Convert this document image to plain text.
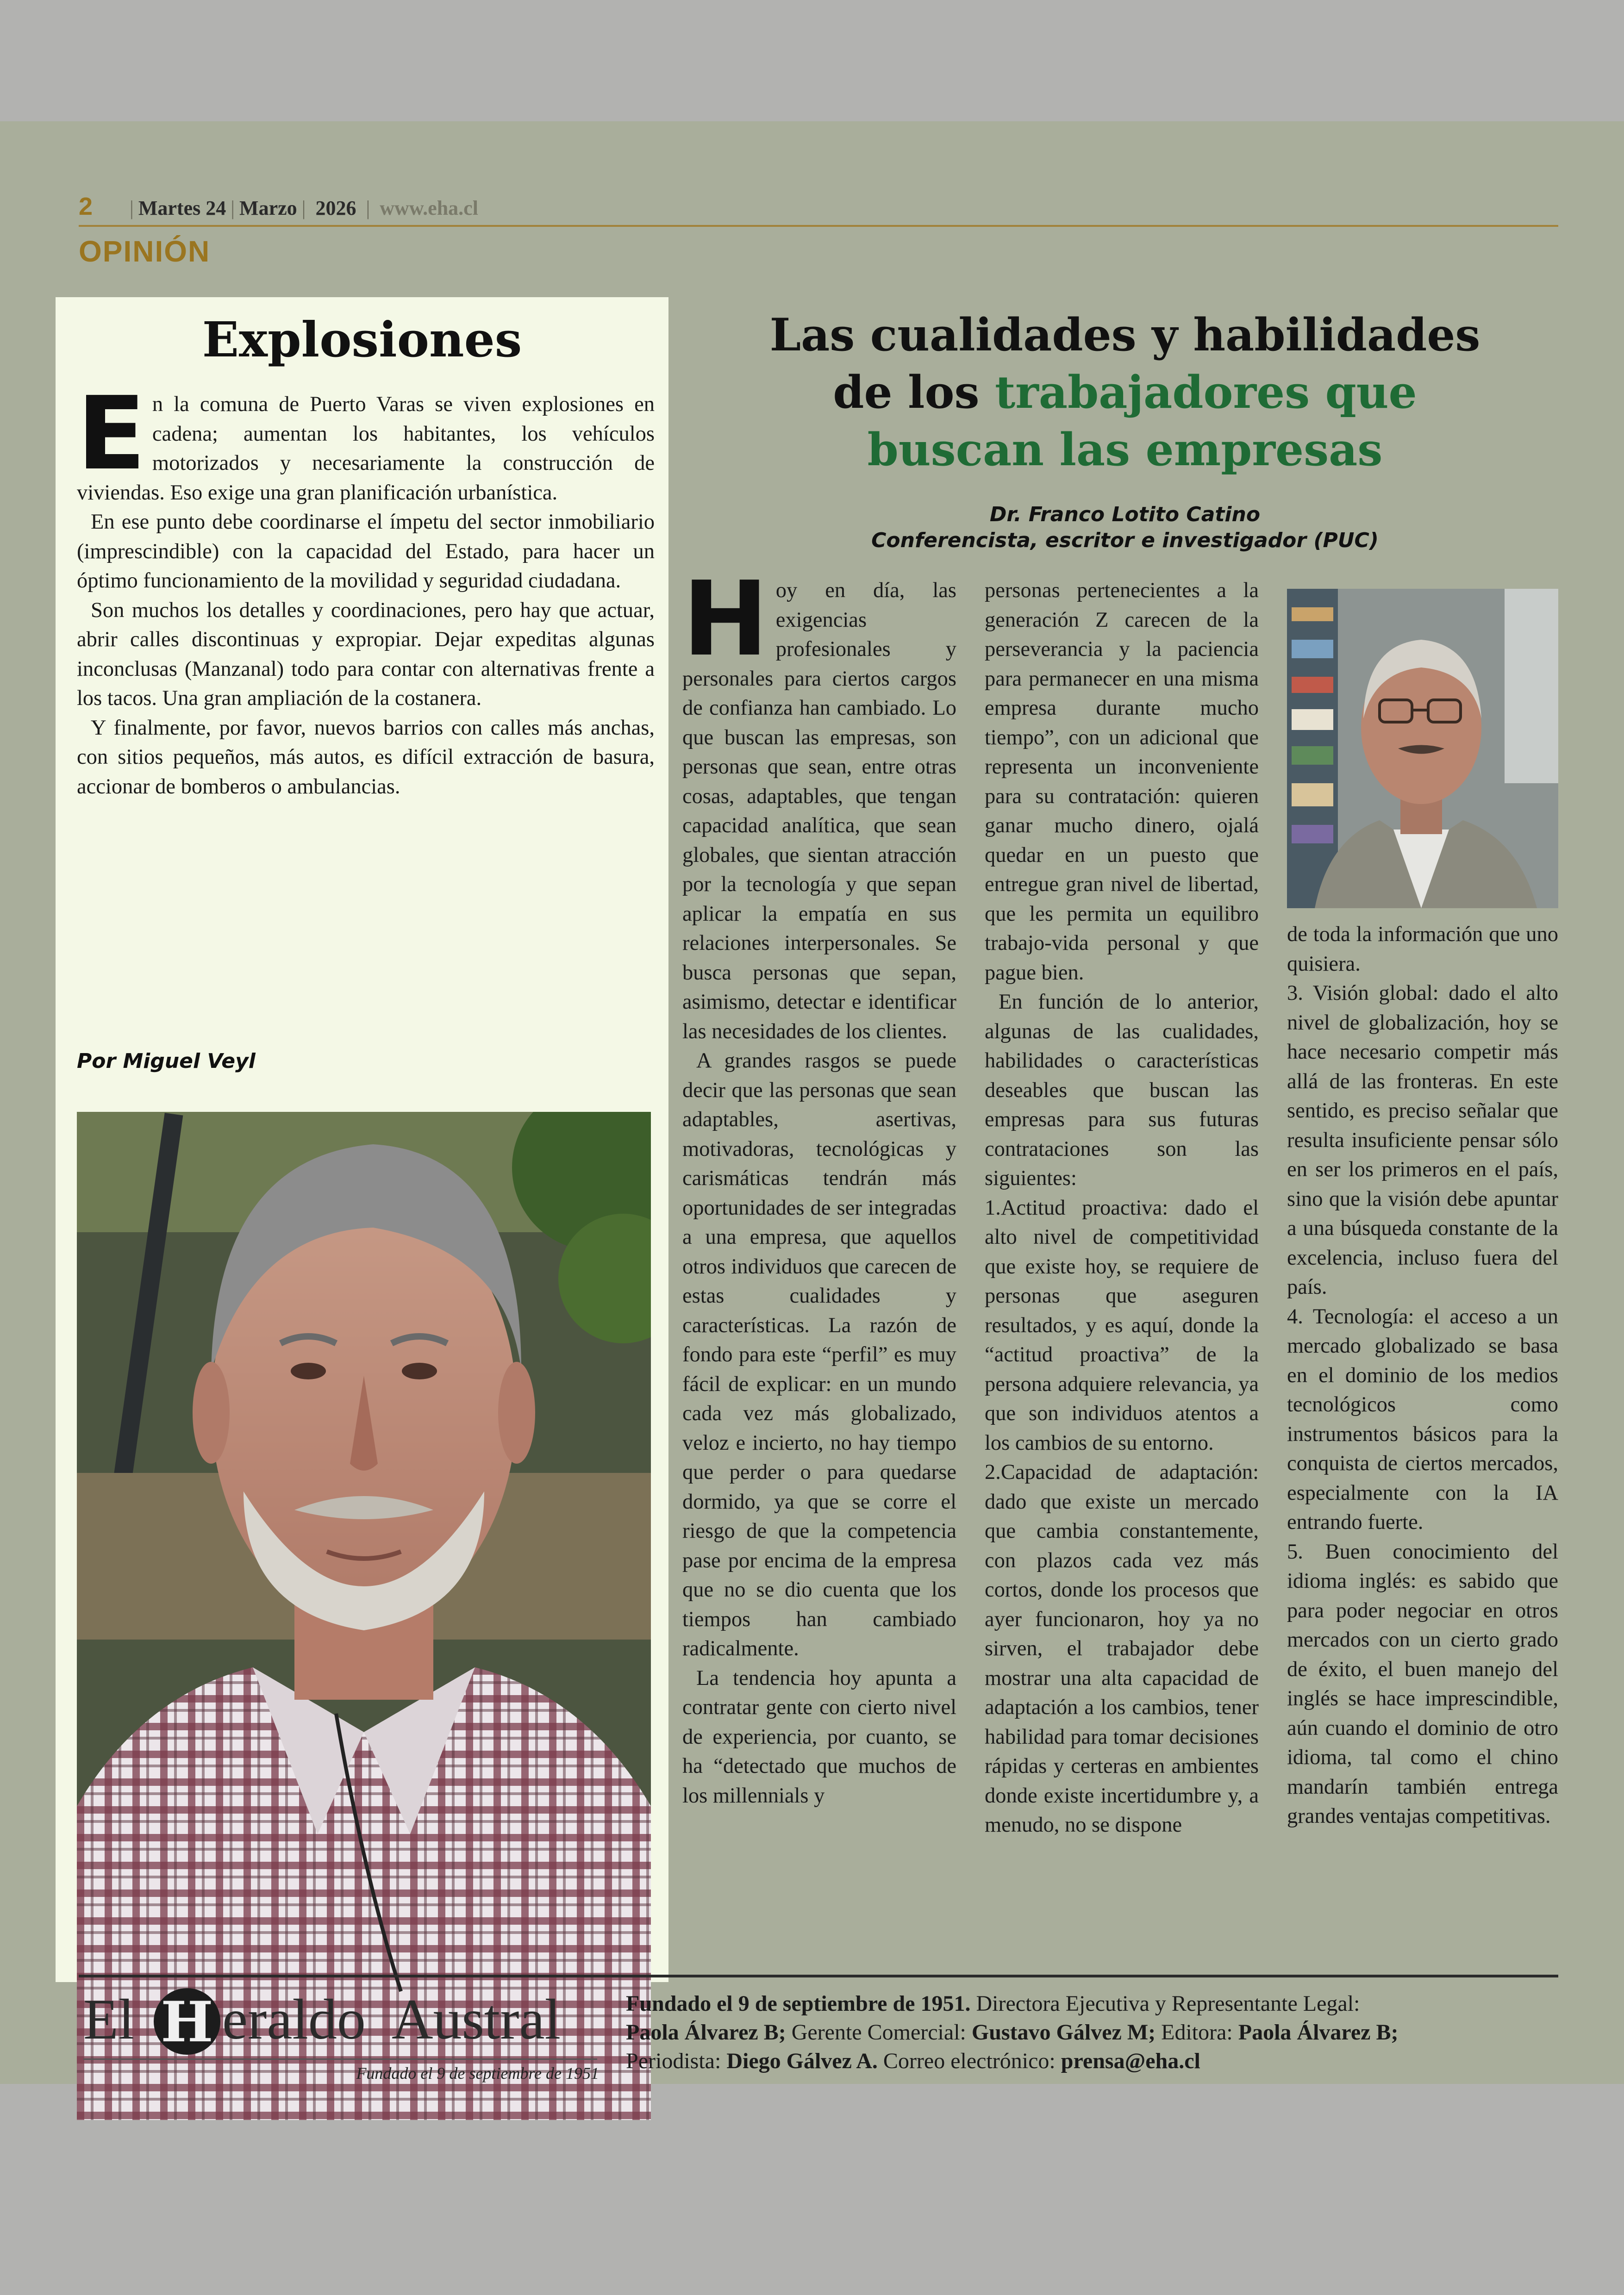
2 | Martes 24 | Marzo | 2026 | www.eha.cl
OPINIÓN
Explosiones

En la comuna de Puerto Varas se viven explosiones en cadena; aumentan los habitantes, los vehículos motorizados y necesariamente la construcción de viviendas. Eso exige una gran planificación urbanística.

En ese punto debe coordinarse el ímpetu del sector inmobiliario (imprescindible) con la capacidad del Estado, para hacer un óptimo funcionamiento de la movilidad y seguridad ciudadana.

Son muchos los detalles y coordinaciones, pero hay que actuar, abrir calles discontinuas y expropiar. Dejar expeditas algunas inconclusas (Manzanal) todo para contar con alternativas frente a los tacos. Una gran ampliación de la costanera.

Y finalmente, por favor, nuevos barrios con calles más anchas, con sitios pequeños, más autos, es difícil extracción de basura, accionar de bomberos o ambulancias.

Por Miguel Veyl
Las cualidades y habilidades
de los trabajadores que
buscan las empresas
Dr. Franco Lotito Catino
Conferencista, escritor e investigador (PUC)

Hoy en día, las exigencias profesionales y personales para ciertos cargos de confianza han cambiado. Lo que buscan las empresas, son personas que sean, entre otras cosas, adaptables, que tengan capacidad analítica, que sean globales, que sientan atracción por la tecnología y que sepan aplicar la empatía en sus relaciones interpersonales. Se busca personas que sepan, asimismo, detectar e identificar las necesidades de los clientes.

A grandes rasgos se puede decir que las personas que sean adaptables, asertivas, motivadoras, tecnológicas y carismáticas tendrán más oportunidades de ser integradas a una empresa, que aquellos otros individuos que carecen de estas cualidades y características. La razón de fondo para este “perfil” es muy fácil de explicar: en un mundo cada vez más globalizado, veloz e incierto, no hay tiempo que perder o para quedarse dormido, ya que se corre el riesgo de que la competencia pase por encima de la empresa que no se dio cuenta que los tiempos han cambiado radicalmente.

La tendencia hoy apunta a contratar gente con cierto nivel de experiencia, por cuanto, se ha “detectado que muchos de los millennials y

personas pertenecientes a la generación Z carecen de la perseverancia y la paciencia para permanecer en una misma empresa durante mucho tiempo”, con un adicional que representa un inconveniente para su contratación: quieren ganar mucho dinero, ojalá quedar en un puesto que entregue gran nivel de libertad, que les permita un equilibro trabajo-vida personal y que pague bien.

En función de lo anterior, algunas de las cualidades, habilidades o características deseables que buscan las empresas para sus futuras contrataciones son las siguientes:

1.Actitud proactiva: dado el alto nivel de competitividad que existe hoy, se requiere de personas que aseguren resultados, y es aquí, donde la “actitud proactiva” de la persona adquiere relevancia, ya que son individuos atentos a los cambios de su entorno.

2.Capacidad de adaptación: dado que existe un mercado que cambia constantemente, con plazos cada vez más cortos, donde los procesos que ayer funcionaron, hoy ya no sirven, el trabajador debe mostrar una alta capacidad de adaptación a los cambios, tener habilidad para tomar decisiones rápidas y certeras en ambientes donde existe incertidumbre y, a menudo, no se dispone

de toda la información que uno quisiera.

3. Visión global: dado el alto nivel de globalización, hoy se hace necesario competir más allá de las fronteras. En este sentido, es preciso señalar que resulta insuficiente pensar sólo en ser los primeros en el país, sino que la visión debe apuntar a una búsqueda constante de la excelencia, incluso fuera del país.

4. Tecnología: el acceso a un mercado globalizado se basa en el dominio de los medios tecnológicos como instrumentos básicos para la conquista de ciertos mercados, especialmente con la IA entrando fuerte.

5. Buen conocimiento del idioma inglés: es sabido que para poder negociar en otros mercados con un cierto grado de éxito, el buen manejo del inglés se hace imprescindible, aún cuando el dominio de otro idioma, tal como el chino mandarín también entrega grandes ventajas competitivas.

El H eraldo Austral
Fundado el 9 de septiembre de 1951
Fundado el 9 de septiembre de 1951. Directora Ejecutiva y Representante Legal:
Paola Álvarez B; Gerente Comercial: Gustavo Gálvez M; Editora: Paola Álvarez B;
Periodista: Diego Gálvez A. Correo electrónico: prensa@eha.cl
